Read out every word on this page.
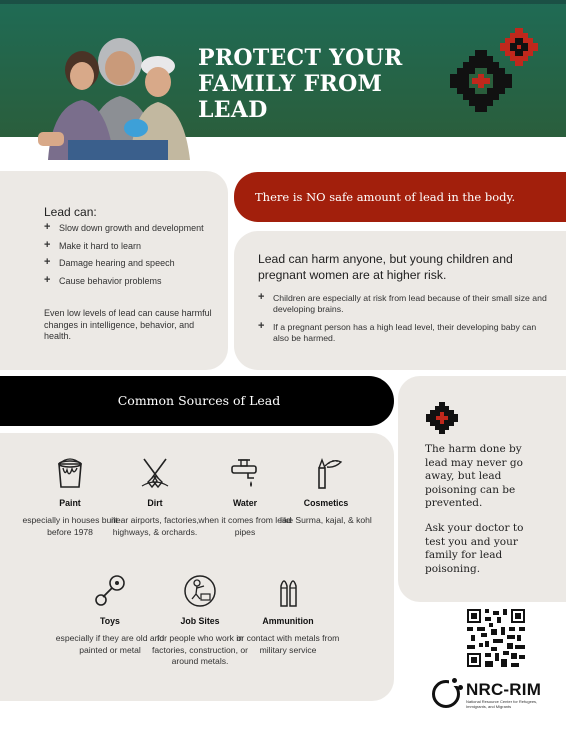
PROTECT YOUR
FAMILY FROM LEAD
Lead can:
+ Slow down growth and development
+ Make it hard to learn
+ Damage hearing and speech
+ Cause behavior problems
Even low levels of lead can cause harmful changes in intelligence, behavior, and health.
There is NO safe amount of lead in the body.
Lead can harm anyone, but young children and pregnant women are at higher risk.
+ Children are especially at risk from lead because of their small size and developing brains.
+ If a pregnant person has a high lead level, their developing baby can also be harmed.
Common Sources of Lead
Paint
especially in houses built before 1978
Dirt
near airports, factories, highways, & orchards.
Water
when it comes from lead pipes
Cosmetics
like Surma, kajal, & kohl
Toys
especially if they are old and painted or metal
Job Sites
for people who work in factories, construction, or around metals.
Ammunition
or contact with metals from military service
The harm done by lead may never go away, but lead poisoning can be prevented.
Ask your doctor to test you and your family for lead poisoning.
NRC-RIM
National Resource Center for Refugees, Immigrants, and Migrants
